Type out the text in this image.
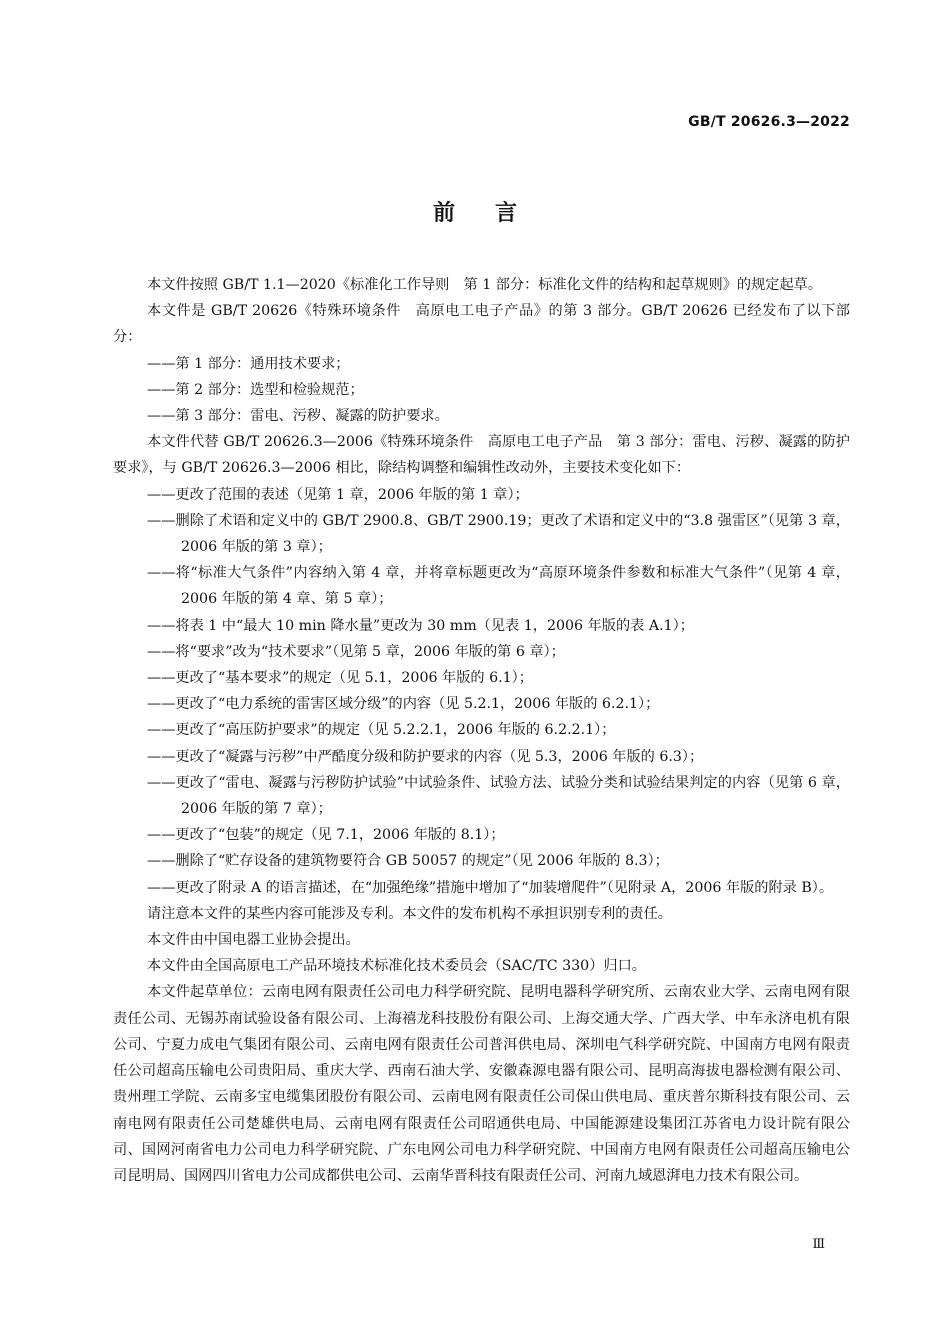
GB/T 20626.3—2022
前言

本文件按照 GB/T 1.1—2020《标准化工作导则　第 1 部分：标准化文件的结构和起草规则》的规定起草。

本文件是 GB/T 20626《特殊环境条件　高原电工电子产品》的第 3 部分。GB/T 20626 已经发布了以下部分：

——第 1 部分：通用技术要求；

——第 2 部分：选型和检验规范；

——第 3 部分：雷电、污秽、凝露的防护要求。

本文件代替 GB/T 20626.3—2006《特殊环境条件　高原电工电子产品　第 3 部分：雷电、污秽、凝露的防护要求》，与 GB/T 20626.3—2006 相比，除结构调整和编辑性改动外，主要技术变化如下：

——更改了范围的表述（见第 1 章，2006 年版的第 1 章）；

——删除了术语和定义中的 GB/T 2900.8、GB/T 2900.19；更改了术语和定义中的“3.8 强雷区”（见第 3 章，2006 年版的第 3 章）；

——将“标准大气条件”内容纳入第 4 章，并将章标题更改为“高原环境条件参数和标准大气条件”（见第 4 章，2006 年版的第 4 章、第 5 章）；

——将表 1 中“最大 10 min 降水量”更改为 30 mm（见表 1，2006 年版的表 A.1）；

——将“要求”改为“技术要求”（见第 5 章，2006 年版的第 6 章）；

——更改了“基本要求”的规定（见 5.1，2006 年版的 6.1）；

——更改了“电力系统的雷害区域分级”的内容（见 5.2.1，2006 年版的 6.2.1）；

——更改了“高压防护要求”的规定（见 5.2.2.1，2006 年版的 6.2.2.1）；

——更改了“凝露与污秽”中严酷度分级和防护要求的内容（见 5.3，2006 年版的 6.3）；

——更改了“雷电、凝露与污秽防护试验”中试验条件、试验方法、试验分类和试验结果判定的内容（见第 6 章，2006 年版的第 7 章）；

——更改了“包装”的规定（见 7.1，2006 年版的 8.1）；

——删除了“贮存设备的建筑物要符合 GB 50057 的规定”（见 2006 年版的 8.3）；

——更改了附录 A 的语言描述，在“加强绝缘”措施中增加了“加装增爬件”（见附录 A，2006 年版的附录 B）。

请注意本文件的某些内容可能涉及专利。本文件的发布机构不承担识别专利的责任。

本文件由中国电器工业协会提出。

本文件由全国高原电工产品环境技术标准化技术委员会（SAC/TC 330）归口。

本文件起草单位：云南电网有限责任公司电力科学研究院、昆明电器科学研究所、云南农业大学、云南电网有限责任公司、无锡苏南试验设备有限公司、上海禧龙科技股份有限公司、上海交通大学、广西大学、中车永济电机有限公司、宁夏力成电气集团有限公司、云南电网有限责任公司普洱供电局、深圳电气科学研究院、中国南方电网有限责任公司超高压输电公司贵阳局、重庆大学、西南石油大学、安徽森源电器有限公司、昆明高海拔电器检测有限公司、贵州理工学院、云南多宝电缆集团股份有限公司、云南电网有限责任公司保山供电局、重庆普尔斯科技有限公司、云南电网有限责任公司楚雄供电局、云南电网有限责任公司昭通供电局、中国能源建设集团江苏省电力设计院有限公司、国网河南省电力公司电力科学研究院、广东电网公司电力科学研究院、中国南方电网有限责任公司超高压输电公司昆明局、国网四川省电力公司成都供电公司、云南华晋科技有限责任公司、河南九域恩湃电力技术有限公司。

Ⅲ
